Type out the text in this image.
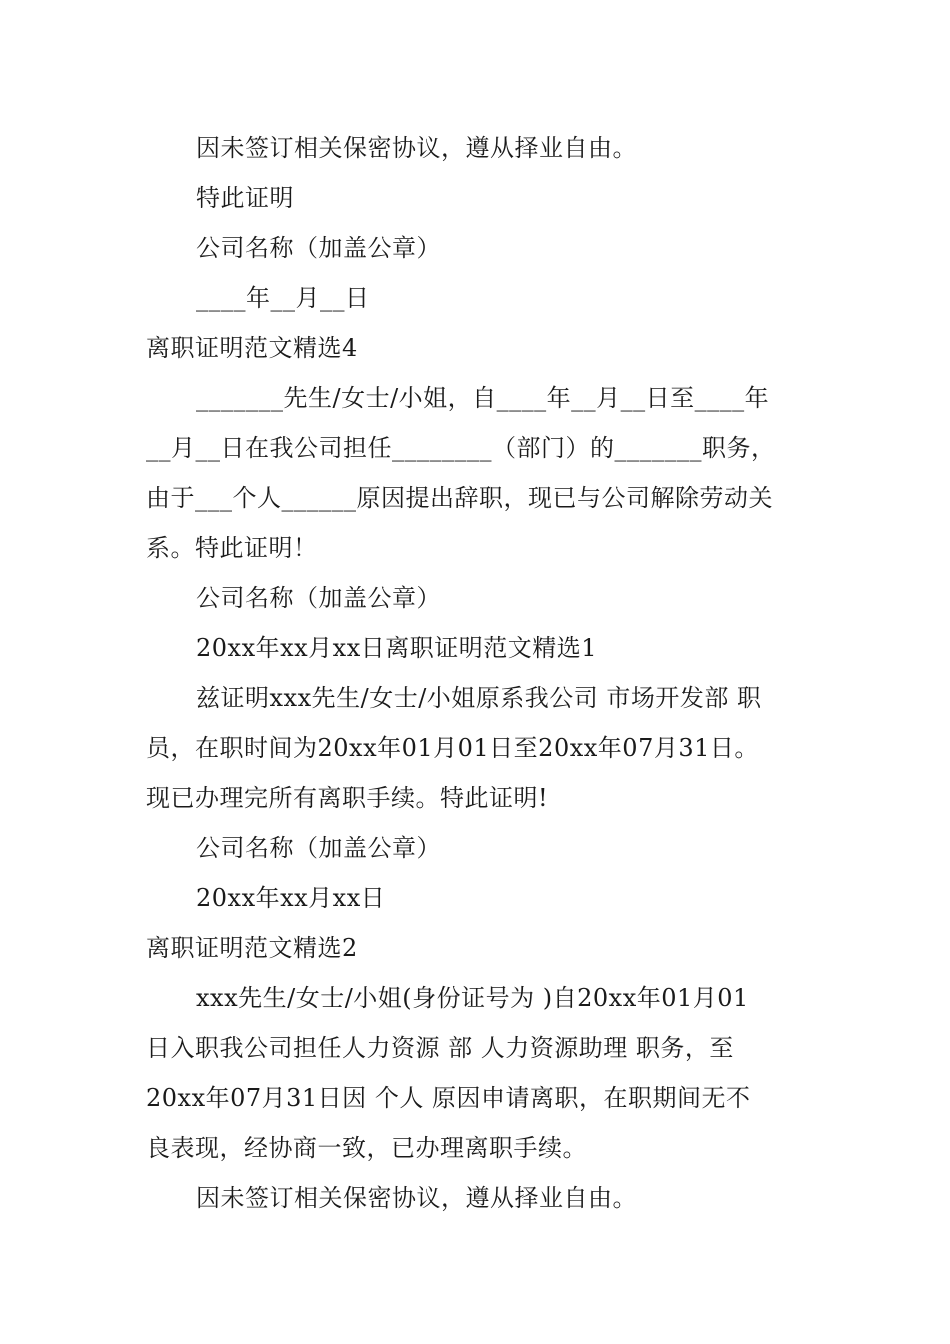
因未签订相关保密协议，遵从择业自由。
特此证明
公司名称（加盖公章）
____年__月__日
离职证明范文精选4
_______先生/女士/小姐，自____年__月__日至____年
__月__日在我公司担任________（部门）的_______职务，
由于___个人______原因提出辞职，现已与公司解除劳动关
系。特此证明！
公司名称（加盖公章）
20xx年xx月xx日离职证明范文精选1
兹证明xxx先生/女士/小姐原系我公司 市场开发部 职
员，在职时间为20xx年01月01日至20xx年07月31日。
现已办理完所有离职手续。特此证明!
公司名称（加盖公章）
20xx年xx月xx日
离职证明范文精选2
xxx先生/女士/小姐(身份证号为 )自20xx年01月01
日入职我公司担任人力资源 部 人力资源助理 职务，至
20xx年07月31日因 个人 原因申请离职，在职期间无不
良表现，经协商一致，已办理离职手续。
因未签订相关保密协议，遵从择业自由。
